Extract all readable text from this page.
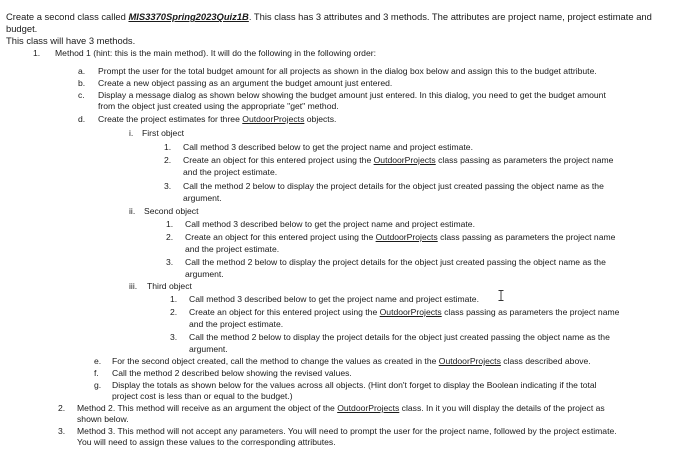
Create a second class called MIS3370Spring2023Quiz1B. This class has 3 attributes and 3 methods. The attributes are project name, project estimate and
budget.
This class will have 3 methods.
1. Method 1 (hint: this is the main method). It will do the following in the following order:
a. Prompt the user for the total budget amount for all projects as shown in the dialog box below and assign this to the budget attribute.
b. Create a new object passing as an argument the budget amount just entered.
c. Display a message dialog as shown below showing the budget amount just entered. In this dialog, you need to get the budget amount
from the object just created using the appropriate "get" method.
d. Create the project estimates for three OutdoorProjects objects.
i. First object
1. Call method 3 described below to get the project name and project estimate.
2. Create an object for this entered project using the OutdoorProjects class passing as parameters the project name
and the project estimate.
3. Call the method 2 below to display the project details for the object just created passing the object name as the
argument.
ii. Second object
1. Call method 3 described below to get the project name and project estimate.
2. Create an object for this entered project using the OutdoorProjects class passing as parameters the project name
and the project estimate.
3. Call the method 2 below to display the project details for the object just created passing the object name as the
argument.
iii. Third object
1. Call method 3 described below to get the project name and project estimate.
2. Create an object for this entered project using the OutdoorProjects class passing as parameters the project name
and the project estimate.
3. Call the method 2 below to display the project details for the object just created passing the object name as the
argument.
e. For the second object created, call the method to change the values as created in the OutdoorProjects class described above.
f. Call the method 2 described below showing the revised values.
g. Display the totals as shown below for the values across all objects. (Hint don't forget to display the Boolean indicating if the total
project cost is less than or equal to the budget.)
2. Method 2. This method will receive as an argument the object of the OutdoorProjects class. In it you will display the details of the project as
shown below.
3. Method 3. This method will not accept any parameters. You will need to prompt the user for the project name, followed by the project estimate.
You will need to assign these values to the corresponding attributes.
